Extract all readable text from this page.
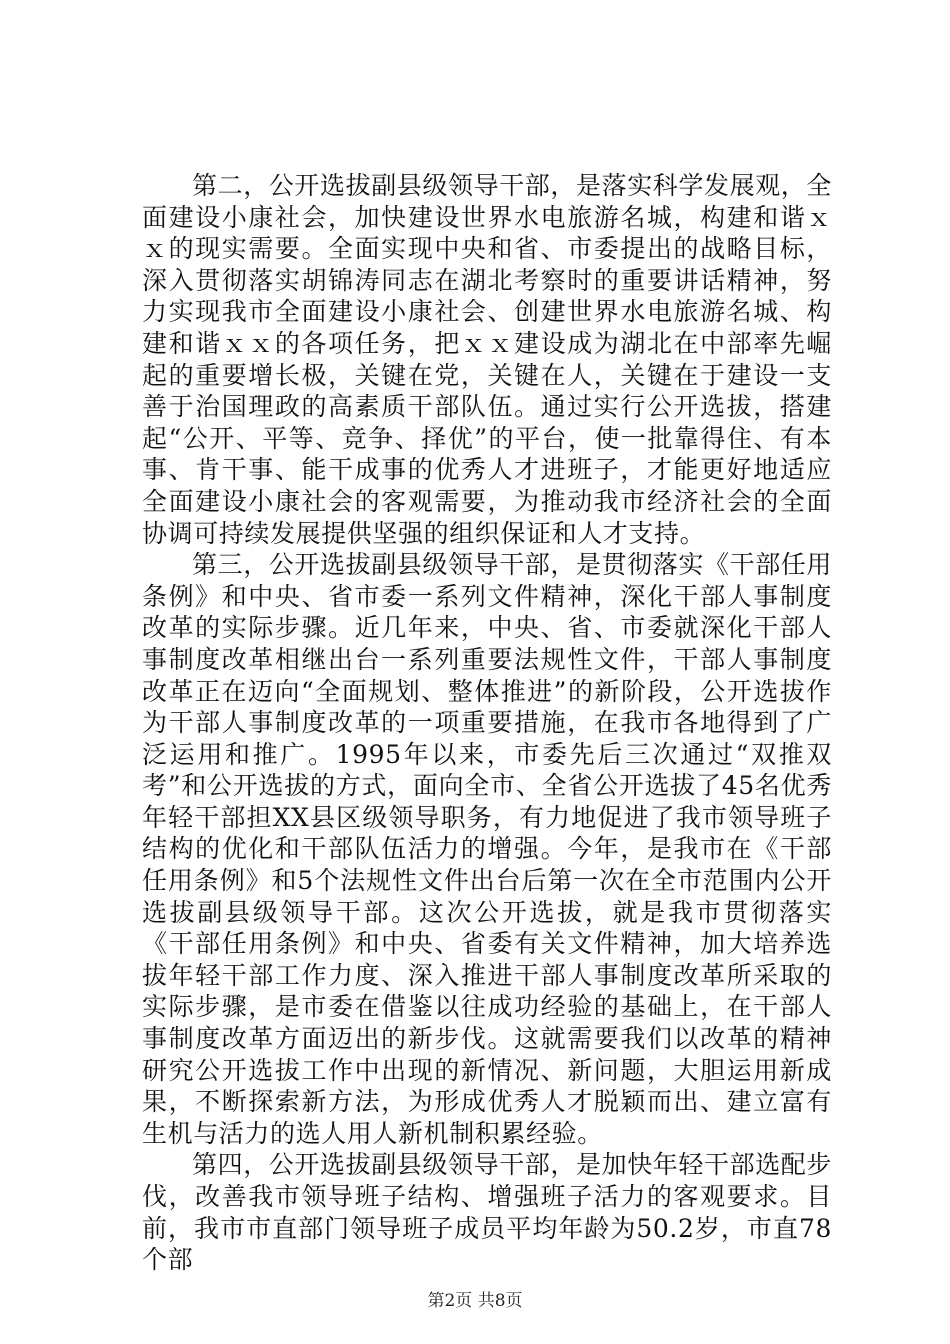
第二，公开选拔副县级领导干部，是落实科学发展观，全面建设小康社会，加快建设世界水电旅游名城，构建和谐ｘｘ的现实需要。全面实现中央和省、市委提出的战略目标，深入贯彻落实胡锦涛同志在湖北考察时的重要讲话精神，努力实现我市全面建设小康社会、创建世界水电旅游名城、构建和谐ｘｘ的各项任务，把ｘｘ建设成为湖北在中部率先崛起的重要增长极，关键在党，关键在人，关键在于建设一支善于治国理政的高素质干部队伍。通过实行公开选拔，搭建起“公开、平等、竞争、择优”的平台，使一批靠得住、有本事、肯干事、能干成事的优秀人才进班子，才能更好地适应全面建设小康社会的客观需要，为推动我市经济社会的全面协调可持续发展提供坚强的组织保证和人才支持。

第三，公开选拔副县级领导干部，是贯彻落实《干部任用条例》和中央、省市委一系列文件精神，深化干部人事制度改革的实际步骤。近几年来，中央、省、市委就深化干部人事制度改革相继出台一系列重要法规性文件，干部人事制度改革正在迈向“全面规划、整体推进”的新阶段，公开选拔作为干部人事制度改革的一项重要措施，在我市各地得到了广泛运用和推广。1995年以来，市委先后三次通过“双推双考”和公开选拔的方式，面向全市、全省公开选拔了45名优秀年轻干部担XX县区级领导职务，有力地促进了我市领导班子结构的优化和干部队伍活力的增强。今年，是我市在《干部任用条例》和5个法规性文件出台后第一次在全市范围内公开选拔副县级领导干部。这次公开选拔，就是我市贯彻落实《干部任用条例》和中央、省委有关文件精神，加大培养选拔年轻干部工作力度、深入推进干部人事制度改革所采取的实际步骤，是市委在借鉴以往成功经验的基础上，在干部人事制度改革方面迈出的新步伐。这就需要我们以改革的精神研究公开选拔工作中出现的新情况、新问题，大胆运用新成果，不断探索新方法，为形成优秀人才脱颖而出、建立富有生机与活力的选人用人新机制积累经验。

第四，公开选拔副县级领导干部，是加快年轻干部选配步伐，改善我市领导班子结构、增强班子活力的客观要求。目前，我市市直部门领导班子成员平均年龄为50.2岁，市直78个部

第2页 共8页
